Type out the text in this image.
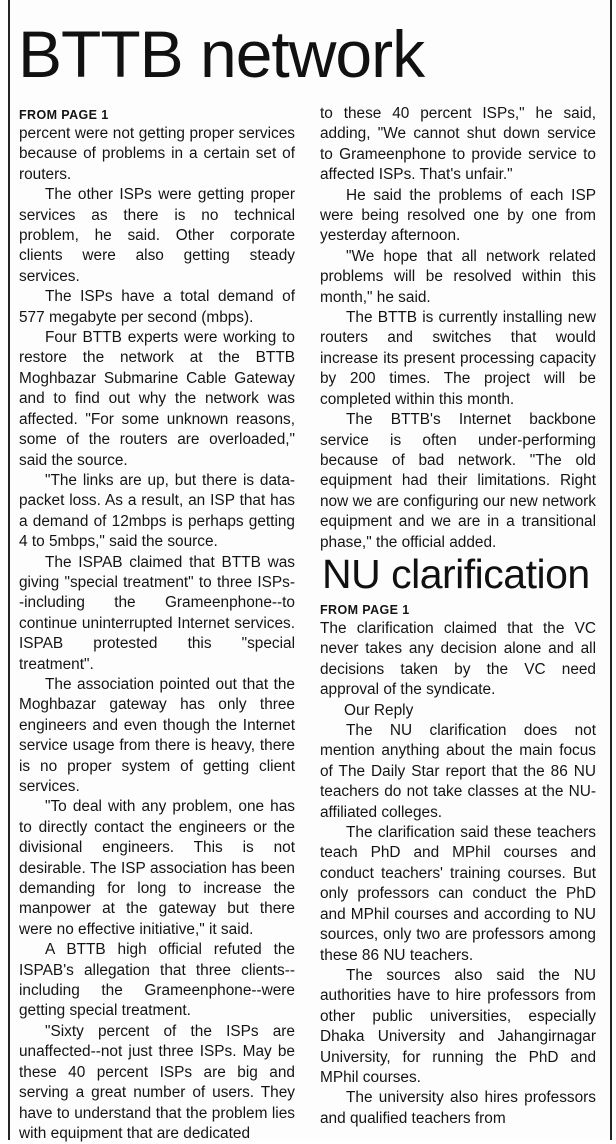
BTTB network
FROM PAGE 1

percent were not getting proper services because of problems in a certain set of routers.

The other ISPs were getting proper services as there is no technical problem, he said. Other corporate clients were also getting steady services.

The ISPs have a total demand of 577 megabyte per second (mbps).

Four BTTB experts were working to restore the network at the BTTB Moghbazar Submarine Cable Gateway and to find out why the network was affected. "For some unknown reasons, some of the routers are overloaded," said the source.

"The links are up, but there is data-packet loss. As a result, an ISP that has a demand of 12mbps is perhaps getting 4 to 5mbps," said the source.

The ISPAB claimed that BTTB was giving "special treatment" to three ISPs--including the Grameenphone--to continue uninterrupted Internet services. ISPAB protested this "special treatment".

The association pointed out that the Moghbazar gateway has only three engineers and even though the Internet service usage from there is heavy, there is no proper system of getting client services.

"To deal with any problem, one has to directly contact the engineers or the divisional engineers. This is not desirable. The ISP association has been demanding for long to increase the manpower at the gateway but there were no effective initiative," it said.

A BTTB high official refuted the ISPAB's allegation that three clients--including the Grameenphone--were getting special treatment.

"Sixty percent of the ISPs are unaffected--not just three ISPs. May be these 40 percent ISPs are big and serving a great number of users. They have to understand that the problem lies with equipment that are dedicated

to these 40 percent ISPs," he said, adding, "We cannot shut down service to Grameenphone to provide service to affected ISPs. That's unfair."

He said the problems of each ISP were being resolved one by one from yesterday afternoon.

"We hope that all network related problems will be resolved within this month," he said.

The BTTB is currently installing new routers and switches that would increase its present processing capacity by 200 times. The project will be completed within this month.

The BTTB's Internet backbone service is often under-performing because of bad network. "The old equipment had their limitations. Right now we are configuring our new network equipment and we are in a transitional phase," the official added.

NU clarification
FROM PAGE 1

The clarification claimed that the VC never takes any decision alone and all decisions taken by the VC need approval of the syndicate.

Our Reply

The NU clarification does not mention anything about the main focus of The Daily Star report that the 86 NU teachers do not take classes at the NU-affiliated colleges.

The clarification said these teachers teach PhD and MPhil courses and conduct teachers' training courses. But only professors can conduct the PhD and MPhil courses and according to NU sources, only two are professors among these 86 NU teachers.

The sources also said the NU authorities have to hire professors from other public universities, especially Dhaka University and Jahangirnagar University, for running the PhD and MPhil courses.

The university also hires professors and qualified teachers from
